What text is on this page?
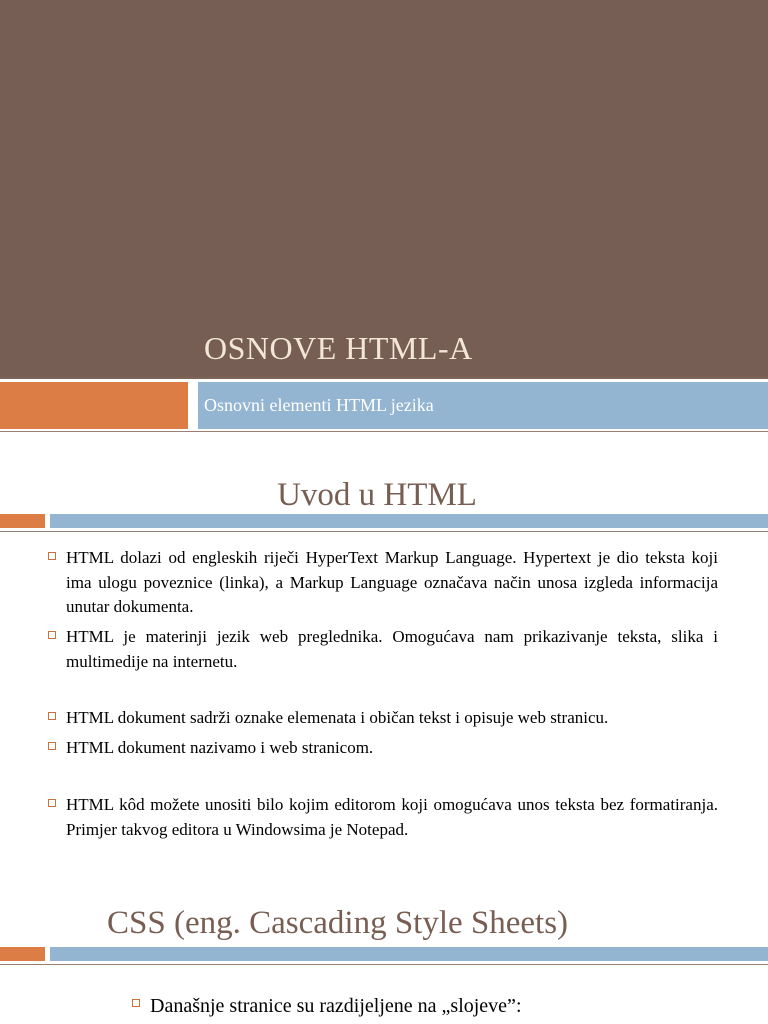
OSNOVE HTML-A
Osnovni elementi HTML jezika
Uvod u HTML
HTML dolazi od engleskih riječi HyperText Markup Language. Hypertext je dio teksta koji ima ulogu poveznice (linka), a Markup Language označava način unosa izgleda informacija unutar dokumenta.
HTML je materinji jezik web preglednika. Omogućava nam prikazivanje teksta, slika i multimedije na internetu.
HTML dokument sadrži oznake elemenata i običan tekst i opisuje web stranicu.
HTML dokument nazivamo i web stranicom.
HTML kôd možete unositi bilo kojim editorom koji omogućava unos teksta bez formatiranja. Primjer takvog editora u Windowsima je Notepad.
CSS (eng. Cascading Style Sheets)
Današnje stranice su razdijeljene na „slojeve”:
